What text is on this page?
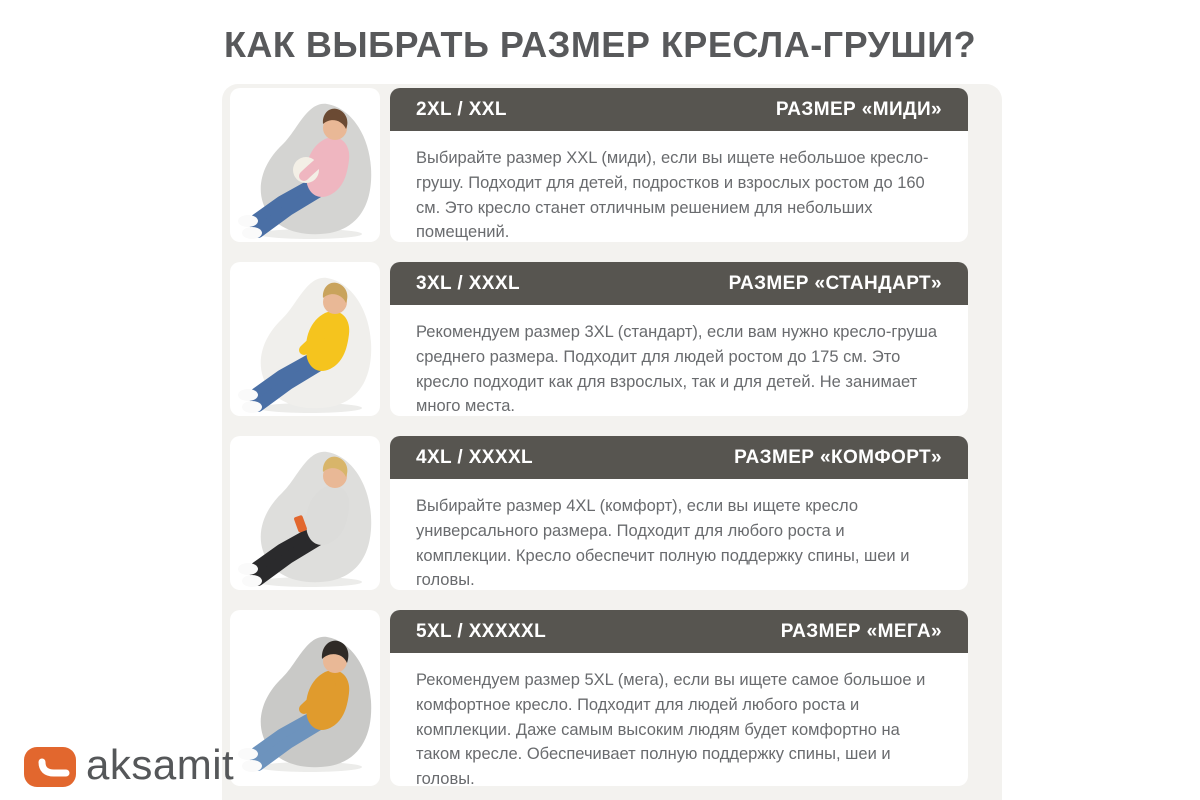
КАК ВЫБРАТЬ РАЗМЕР КРЕСЛА-ГРУШИ?
2XL / XXL	РАЗМЕР «МИДИ»
Выбирайте размер XXL (миди), если вы ищете небольшое кресло-грушу. Подходит для детей, подростков и взрослых ростом до 160 см. Это кресло станет отличным решением для небольших помещений.
3XL / XXXL	РАЗМЕР «СТАНДАРТ»
Рекомендуем размер 3XL (стандарт), если вам нужно кресло-груша среднего размера. Подходит для людей ростом до 175 см. Это кресло подходит как для взрослых, так и для детей. Не занимает много места.
4XL / XXXXL	РАЗМЕР «КОМФОРТ»
Выбирайте размер 4XL (комфорт), если вы ищете кресло универсального размера. Подходит для любого роста и комплекции. Кресло обеспечит полную поддержку спины, шеи и головы.
5XL / XXXXXL	РАЗМЕР «МЕГА»
Рекомендуем размер 5XL (мега), если вы ищете самое большое и комфортное кресло. Подходит для людей любого роста и комплекции. Даже самым высоким людям будет комфортно на таком кресле. Обеспечивает полную поддержку спины, шеи и головы.
aksamit
